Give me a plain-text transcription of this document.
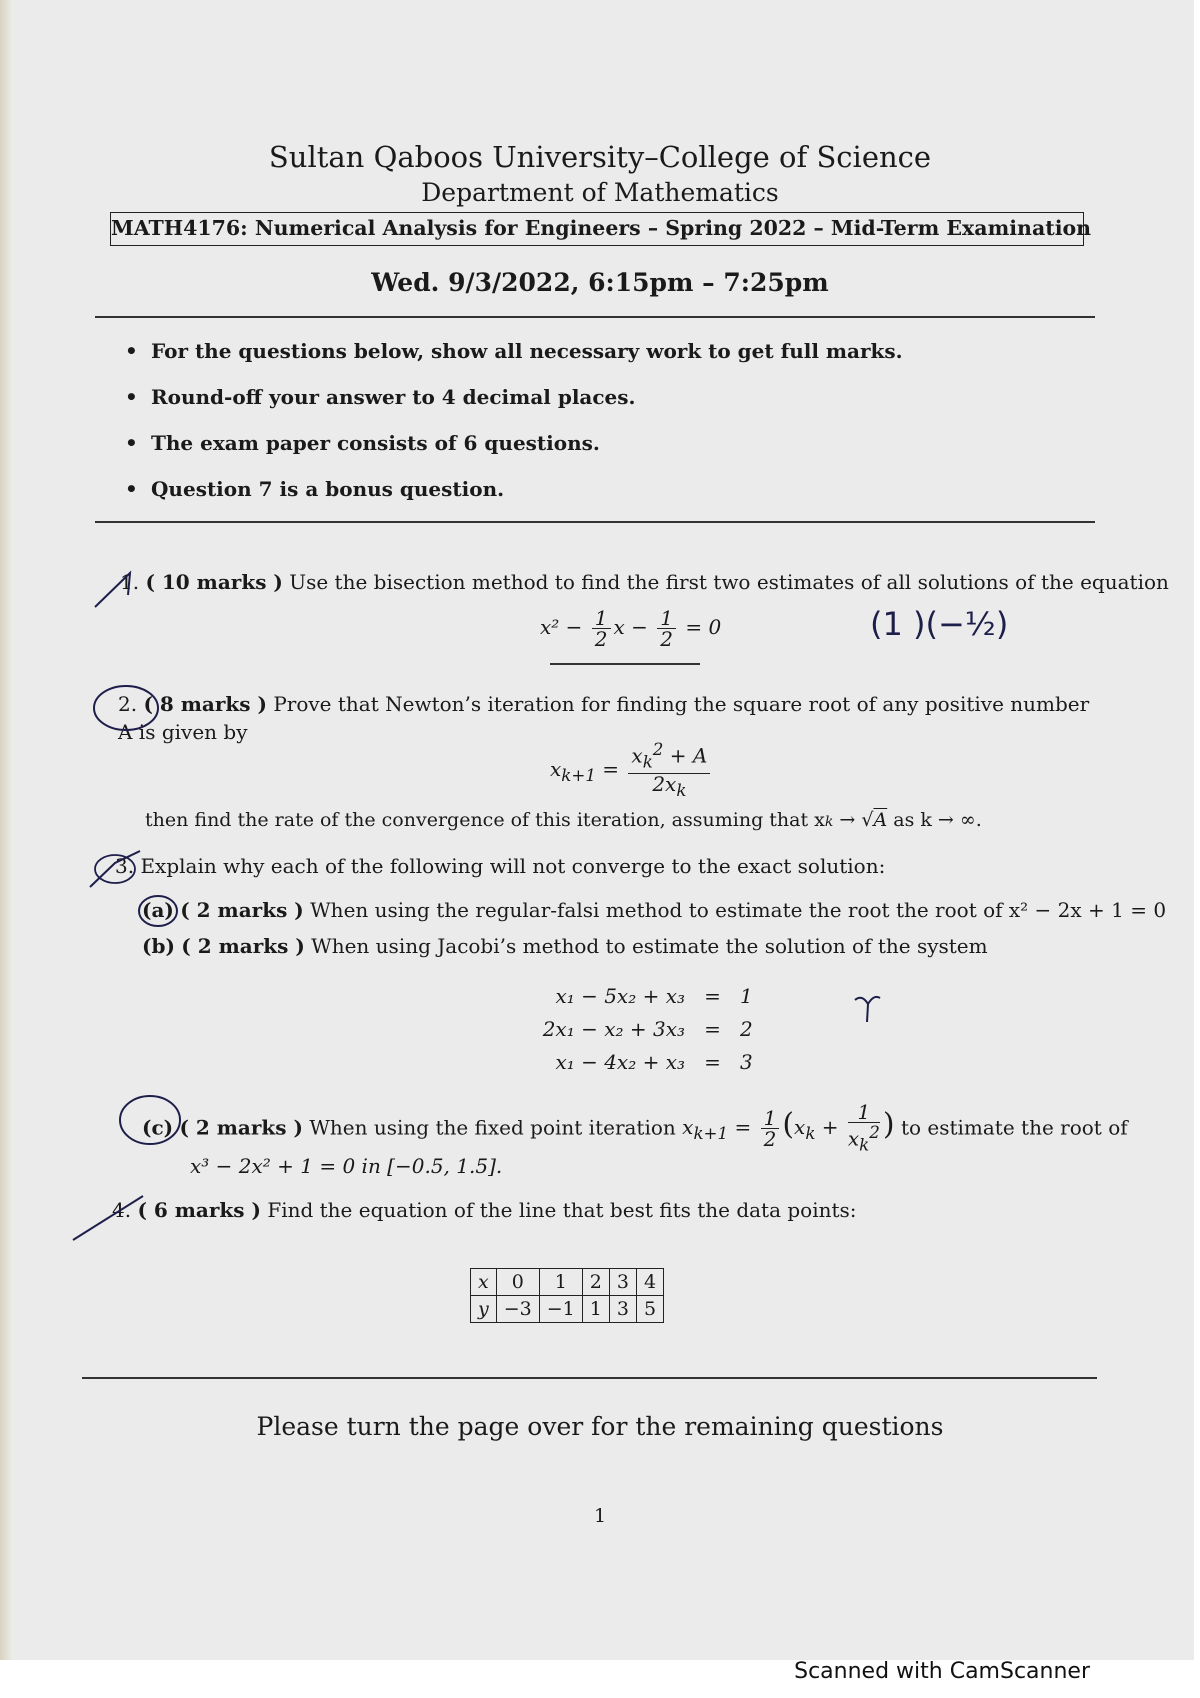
Sultan Qaboos University–College of Science
Department of Mathematics
MATH4176: Numerical Analysis for Engineers – Spring 2022 – Mid-Term Examination
Wed. 9/3/2022, 6:15pm – 7:25pm
• For the questions below, show all necessary work to get full marks.
• Round-off your answer to 4 decimal places.
• The exam paper consists of 6 questions.
• Question 7 is a bonus question.
1. ( 10 marks ) Use the bisection method to find the first two estimates of all solutions of the equation
$x^2 - \frac{1}{2}$ $x - \frac{1}{2} = 0$	(1 )(−½)
2. ( 8 marks ) Prove that Newton’s iteration for finding the square root of any positive number A is given by
$x_{k+1} = \frac{x_k^2 + A}{2x_k}$
then find the rate of the convergence of this iteration, assuming that xk → √A as k → ∞.
3. Explain why each of the following will not converge to the exact solution:
(a) ( 2 marks ) When using the regular-falsi method to estimate the root the root of x² − 2x + 1 = 0
(b) ( 2 marks ) When using Jacobi’s method to estimate the solution of the system
x₁ − 5x₂ + x₃ = 1
2x₁ − x₂ + 3x₃ = 2
x₁ − 4x₂ + x₃ = 3
(c) ( 2 marks ) When using the fixed point iteration $x_{k+1} = \frac{1}{2} (x_k + \frac{1}{x_k^2}$ ) to estimate the root of
x³ − 2x² + 1 = 0 in [−0.5, 1.5].
4. ( 6 marks ) Find the equation of the line that best fits the data points:
x	0	1	2	3	4
y	−3	−1	1	3	5
Please turn the page over for the remaining questions
1
Scanned with CamScanner
